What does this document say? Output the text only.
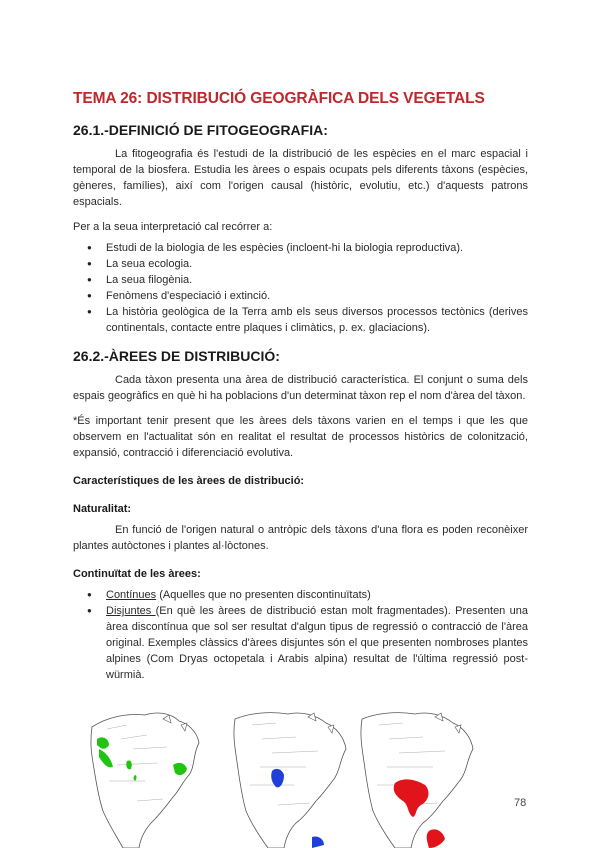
TEMA 26: DISTRIBUCIÓ GEOGRÀFICA DELS VEGETALS
26.1.-DEFINICIÓ DE FITOGEOGRAFIA:

La fitogeografia és l'estudi de la distribució de les espècies en el marc espacial i temporal de la biosfera. Estudia les àrees o espais ocupats pels diferents tàxons (espècies, gèneres, famílies), així com l'origen causal (històric, evolutiu, etc.) d'aquests patrons espacials.

Per a la seua interpretació cal recórrer a:

● Estudi de la biologia de les espècies (incloent-hi la biologia reproductiva).
● La seua ecologia.
● La seua filogènia.
● Fenòmens d'especiació i extinció.
● La història geològica de la Terra amb els seus diversos processos tectònics (derives continentals, contacte entre plaques i climàtics, p. ex. glaciacions).
26.2.-ÀREES DE DISTRIBUCIÓ:

Cada tàxon presenta una àrea de distribució característica. El conjunt o suma dels espais geogràfics en què hi ha poblacions d'un determinat tàxon rep el nom d'àrea del tàxon.

*És important tenir present que les àrees dels tàxons varien en el temps i que les que observem en l'actualitat són en realitat el resultat de processos històrics de colonització, expansió, contracció i diferenciació evolutiva.

Característiques de les àrees de distribució:

Naturalitat:

En funció de l'origen natural o antròpic dels tàxons d'una flora es poden reconèixer plantes autòctones i plantes al·lòctones.

Continuïtat de les àrees:

● Contínues (Aquelles que no presenten discontinuïtats)
● Disjuntes (En què les àrees de distribució estan molt fragmentades). Presenten una àrea discontínua que sol ser resultat d'algun tipus de regressió o contracció de l'àrea original. Exemples clàssics d'àrees disjuntes són el que presenten nombroses plantes alpines (Com Dryas octopetala i Arabis alpina) resultat de l'última regressió post-würmià.
78
